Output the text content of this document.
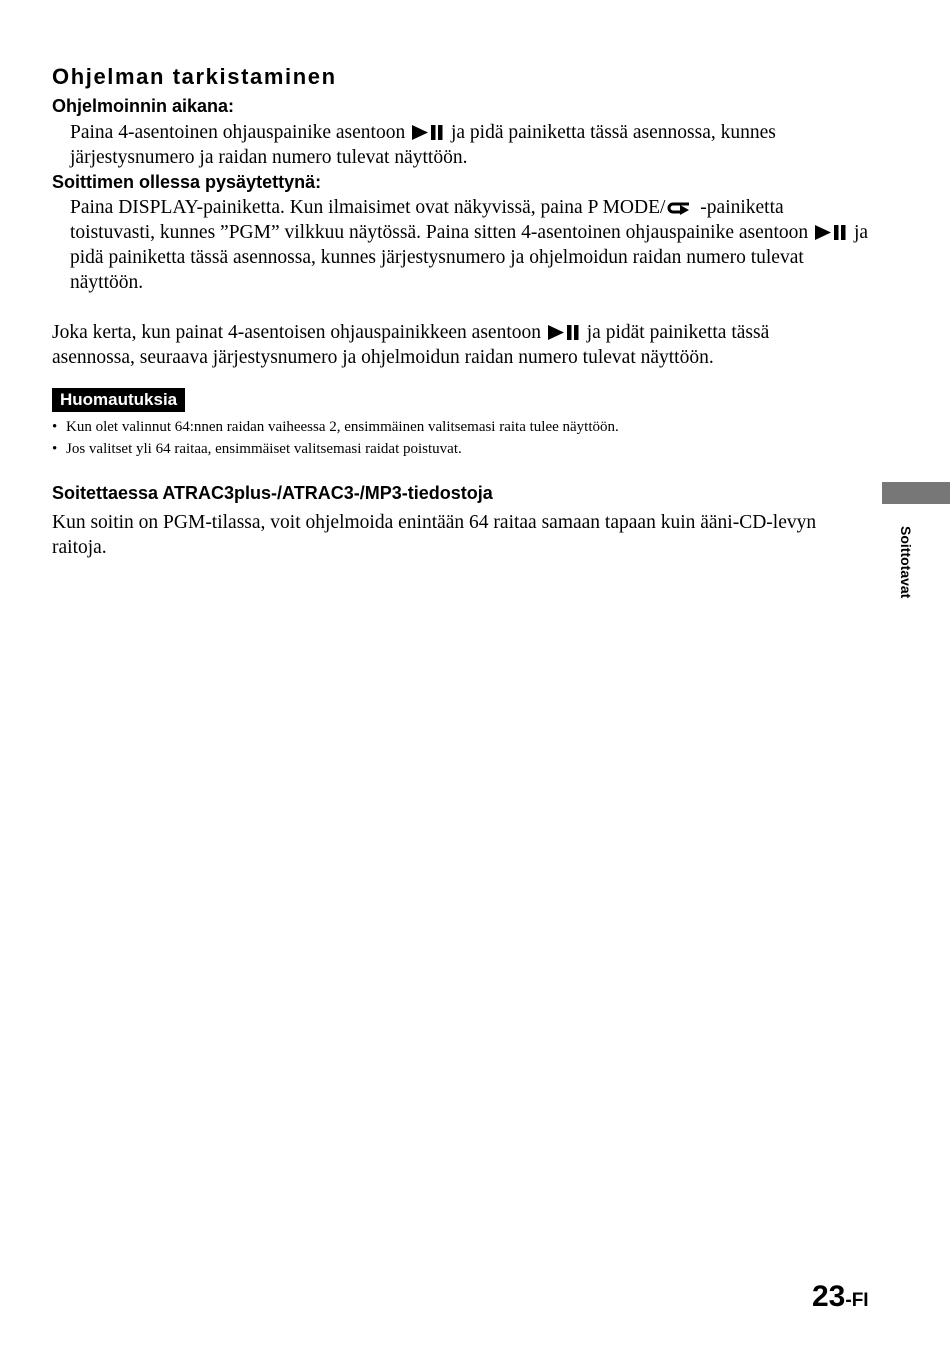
Ohjelman tarkistaminen
Ohjelmoinnin aikana:
Paina 4-asentoinen ohjauspainike asentoon ja pidä painiketta tässä asennossa, kunnes järjestysnumero ja raidan numero tulevat näyttöön.
Soittimen ollessa pysäytettynä:
Paina DISPLAY-painiketta. Kun ilmaisimet ovat näkyvissä, paina P MODE/ -painiketta toistuvasti, kunnes ”PGM” vilkkuu näytössä. Paina sitten 4-asentoinen ohjauspainike asentoon ja pidä painiketta tässä asennossa, kunnes järjestysnumero ja ohjelmoidun raidan numero tulevat näyttöön.
Joka kerta, kun painat 4-asentoisen ohjauspainikkeen asentoon ja pidät painiketta tässä asennossa, seuraava järjestysnumero ja ohjelmoidun raidan numero tulevat näyttöön.
Huomautuksia
• Kun olet valinnut 64:nnen raidan vaiheessa 2, ensimmäinen valitsemasi raita tulee näyttöön.
• Jos valitset yli 64 raitaa, ensimmäiset valitsemasi raidat poistuvat.
Soitettaessa ATRAC3plus-/ATRAC3-/MP3-tiedostoja
Kun soitin on PGM-tilassa, voit ohjelmoida enintään 64 raitaa samaan tapaan kuin ääni-CD-levyn raitoja.	Soittotavat
23-FI
